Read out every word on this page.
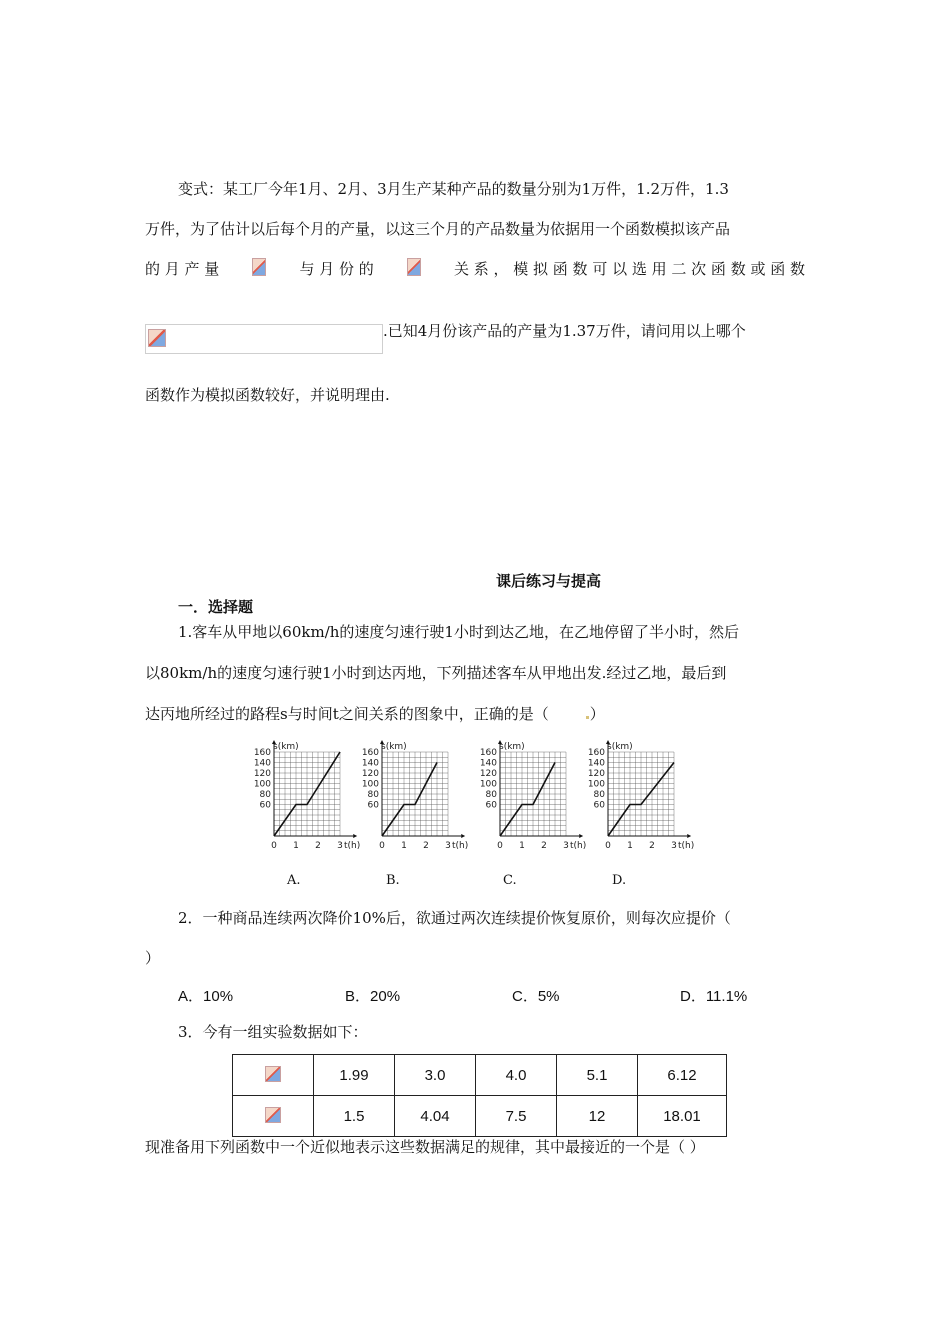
变式：某工厂今年1月、2月、3月生产某种产品的数量分别为1万件，1.2万件，1.3
万件，为了估计以后每个月的产量，以这三个月的产品数量为依据用一个函数模拟该产品
的 月 产 量	与 月 份 的	关 系 ， 模 拟 函 数 可 以 选 用 二 次 函 数 或 函 数
.已知4月份该产品的产量为1.37万件，请问用以上哪个
函数作为模拟函数较好，并说明理由.
课后练习与提高
一．选择题
1.客车从甲地以60km/h的速度匀速行驶1小时到达乙地，在乙地停留了半小时，然后
以80km/h的速度匀速行驶1小时到达丙地，下列描述客车从甲地出发.经过乙地，最后到
达丙地所经过的路程s与时间t之间关系的图象中，正确的是（	）
60
80
100
120
140
160
0 1 2 3 t(h)
s(km)
60
80
100
120
140
160
0 1 2 3 t(h)
s(km)
60
80
100
120
140
160
0 1 2 3 t(h)
s(km)
60
80
100
120
140
160
0 1 2 3 t(h)
s(km)
A.	B.	C.	D.
2．一种商品连续两次降价10%后，欲通过两次连续提价恢复原价，则每次应提价（
）
A．10%	B．20%	C．5%	D．11.1%
3．今有一组实验数据如下：
	1.99	3.0	4.0	5.1	6.12
	1.5	4.04	7.5	12	18.01
现准备用下列函数中一个近似地表示这些数据满足的规律，其中最接近的一个是（ ）
